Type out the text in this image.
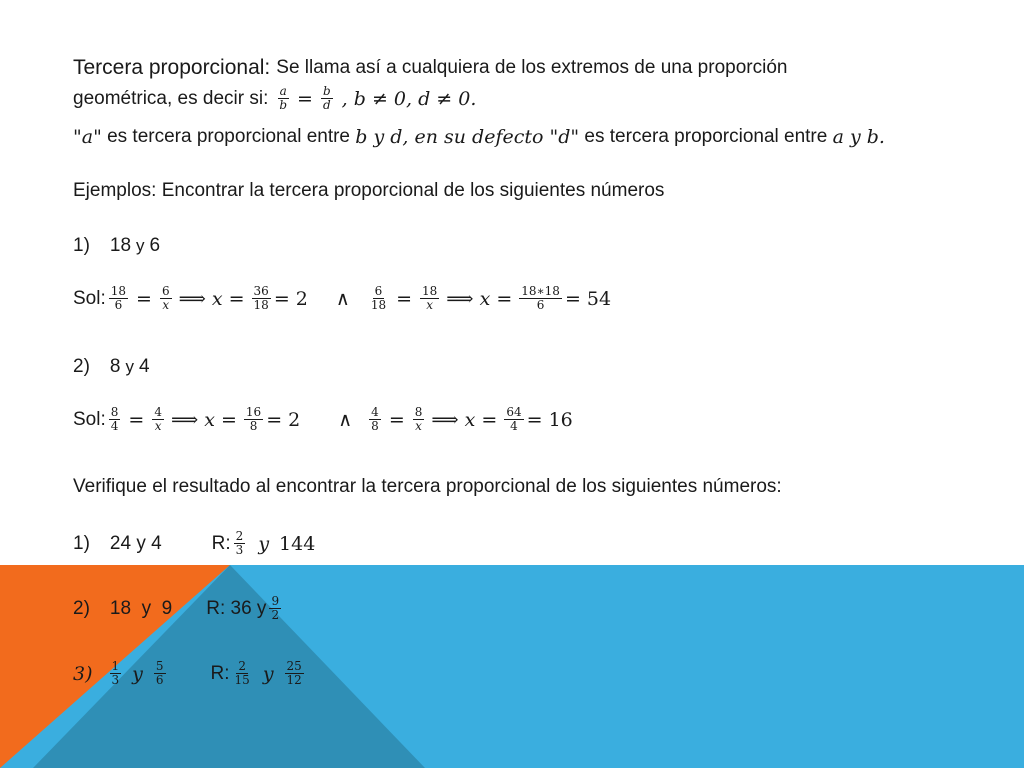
Tercera proporcional: Se llama así a cualquiera de los extremos de una proporción
geométrica, es decir si: $\frac{a}{b} = \frac{b}{d}$ , b ≠ 0, d ≠ 0.
"a" es tercera proporcional entre b y d, en su defecto "d" es tercera proporcional entre a y b.
Ejemplos: Encontrar la tercera proporcional de los siguientes números
1) 18 y 6
Sol: $\frac{18}{6} = \frac{6}{x}$ ⟹ $x = \frac{36}{18} = 2$ ∧ $\frac{6}{18} = \frac{18}{x}$ ⟹ $x = \frac{18∗18}{6} = 54$
2) 8 y 4
Sol: $\frac{8}{4} = \frac{4}{x}$ ⟹ $x = \frac{16}{8} = 2$ ∧ $\frac{4}{8} = \frac{8}{x}$ ⟹ $x = \frac{64}{4} = 16$
Verifique el resultado al encontrar la tercera proporcional de los siguientes números:
1) 24 y 4	R: $\frac{2}{3}$ y 144
2) 18  y  9 R: 36 y $\frac{9}{2}$
$3) \frac{1}{3}$ y $\frac{5}{6} R$: $\frac{2}{15}$ y $\frac{25}{12}$
